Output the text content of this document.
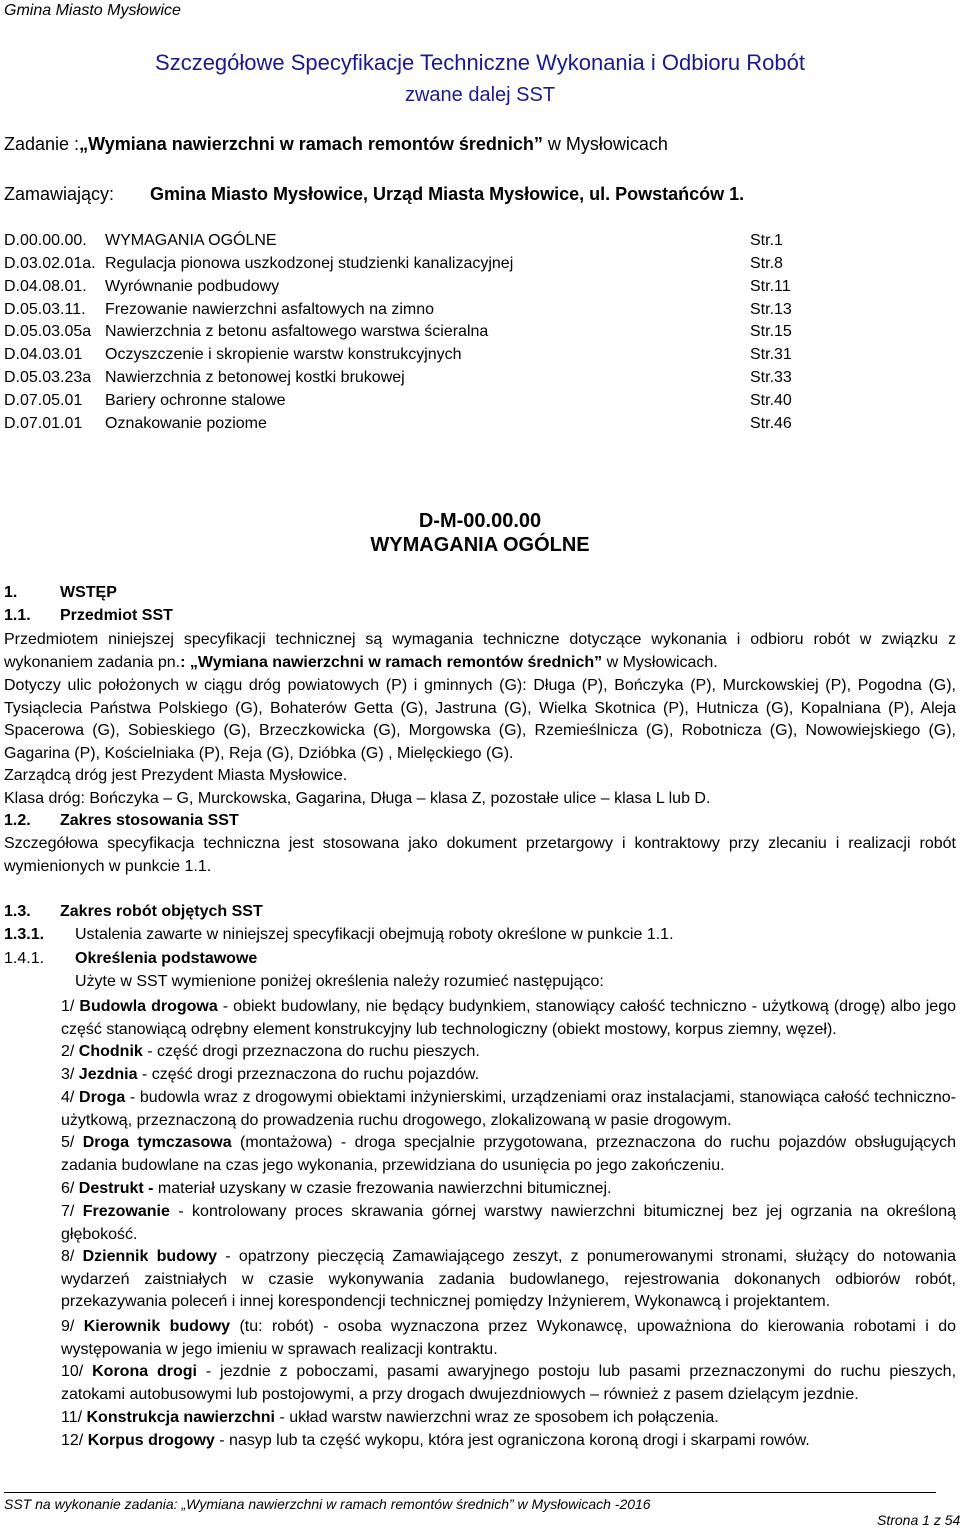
Gmina Miasto Mysłowice
Szczegółowe Specyfikacje Techniczne Wykonania i Odbioru Robót
zwane dalej SST
Zadanie :„Wymiana nawierzchni w ramach remontów średnich” w Mysłowicach
Zamawiający: Gmina Miasto Mysłowice, Urząd Miasta Mysłowice, ul. Powstańców 1.
D.00.00.00. WYMAGANIA OGÓLNE	Str.1
D.03.02.01a. Regulacja pionowa uszkodzonej studzienki kanalizacyjnej	Str.8
D.04.08.01. Wyrównanie podbudowy	Str.11
D.05.03.11. Frezowanie nawierzchni asfaltowych na zimno	Str.13
D.05.03.05a Nawierzchnia z betonu asfaltowego warstwa ścieralna	Str.15
D.04.03.01 Oczyszczenie i skropienie warstw konstrukcyjnych	Str.31
D.05.03.23a Nawierzchnia z betonowej kostki brukowej	Str.33
D.07.05.01 Bariery ochronne stalowe	Str.40
D.07.01.01 Oznakowanie poziome	Str.46
D-M-00.00.00
WYMAGANIA OGÓLNE
1.	WSTĘP
1.1. Przedmiot SST
Przedmiotem niniejszej specyfikacji technicznej są wymagania techniczne dotyczące wykonania i odbioru robót w związku z wykonaniem zadania pn.: „Wymiana nawierzchni w ramach remontów średnich” w Mysłowicach.
Dotyczy ulic położonych w ciągu dróg powiatowych (P) i gminnych (G): Długa (P), Bończyka (P), Murckowskiej (P), Pogodna (G), Tysiąclecia Państwa Polskiego (G), Bohaterów Getta (G), Jastruna (G), Wielka Skotnica (P), Hutnicza (G), Kopalniana (P), Aleja Spacerowa (G), Sobieskiego (G), Brzeczkowicka (G), Morgowska (G), Rzemieślnicza (G), Robotnicza (G), Nowowiejskiego (G), Gagarina (P), Kościelniaka (P), Reja (G), Dzióbka (G) , Mielęckiego (G).
Zarządcą dróg jest Prezydent Miasta Mysłowice.
Klasa dróg: Bończyka – G, Murckowska, Gagarina, Długa – klasa Z, pozostałe ulice – klasa L lub D.
1.2. Zakres stosowania SST
Szczegółowa specyfikacja techniczna jest stosowana jako dokument przetargowy i kontraktowy przy zlecaniu i realizacji robót wymienionych w punkcie 1.1.
1.3. Zakres robót objętych SST
1.3.1. Ustalenia zawarte w niniejszej specyfikacji obejmują roboty określone w punkcie 1.1.
1.4.1. Określenia podstawowe
Użyte w SST wymienione poniżej określenia należy rozumieć następująco:
1/ Budowla drogowa - obiekt budowlany, nie będący budynkiem, stanowiący całość techniczno - użytkową (drogę) albo jego część stanowiącą odrębny element konstrukcyjny lub technologiczny (obiekt mostowy, korpus ziemny, węzeł).
2/ Chodnik - część drogi przeznaczona do ruchu pieszych.
3/ Jezdnia - część drogi przeznaczona do ruchu pojazdów.
4/ Droga - budowla wraz z drogowymi obiektami inżynierskimi, urządzeniami oraz instalacjami, stanowiąca całość techniczno-użytkową, przeznaczoną do prowadzenia ruchu drogowego, zlokalizowaną w pasie drogowym.
5/ Droga tymczasowa (montażowa) - droga specjalnie przygotowana, przeznaczona do ruchu pojazdów obsługujących zadania budowlane na czas jego wykonania, przewidziana do usunięcia po jego zakończeniu.
6/ Destrukt - materiał uzyskany w czasie frezowania nawierzchni bitumicznej.
7/ Frezowanie - kontrolowany proces skrawania górnej warstwy nawierzchni bitumicznej bez jej ogrzania na określoną głębokość.
8/ Dziennik budowy - opatrzony pieczęcią Zamawiającego zeszyt, z ponumerowanymi stronami, służący do notowania wydarzeń zaistniałych w czasie wykonywania zadania budowlanego, rejestrowania dokonanych odbiorów robót, przekazywania poleceń i innej korespondencji technicznej pomiędzy Inżynierem, Wykonawcą i projektantem.
9/ Kierownik budowy (tu: robót) - osoba wyznaczona przez Wykonawcę, upoważniona do kierowania robotami i do występowania w jego imieniu w sprawach realizacji kontraktu.
10/ Korona drogi - jezdnie z poboczami, pasami awaryjnego postoju lub pasami przeznaczonymi do ruchu pieszych, zatokami autobusowymi lub postojowymi, a przy drogach dwujezdniowych – również z pasem dzielącym jezdnie.
11/ Konstrukcja nawierzchni - układ warstw nawierzchni wraz ze sposobem ich połączenia.
12/ Korpus drogowy - nasyp lub ta część wykopu, która jest ograniczona koroną drogi i skarpami rowów.
SST na wykonanie zadania: „Wymiana nawierzchni w ramach remontów średnich” w Mysłowicach -2016
Strona 1 z 54
